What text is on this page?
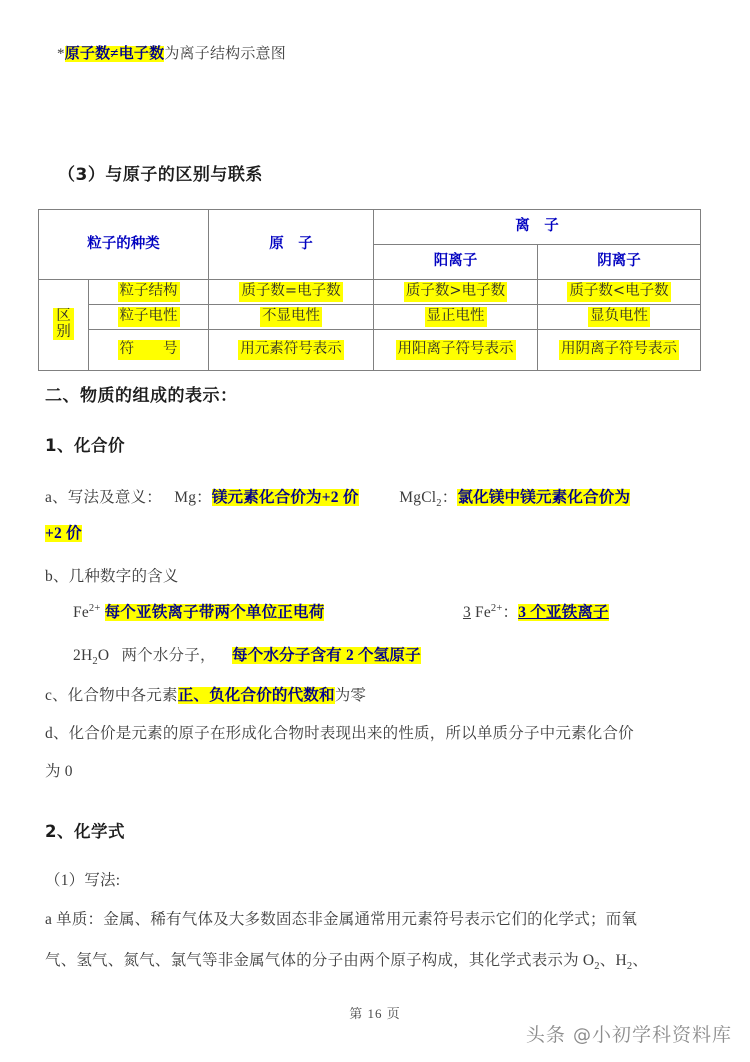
*原子数≠电子数为离子结构示意图
（3）与原子的区别与联系
粒子的种类		原　子	离　子	
			阳离子	阴离子
区
别	粒子结构	质子数=电子数	质子数>电子数	质子数<电子数
	粒子电性	不显电性	显正电性	显负电性
	符　　号	用元素符号表示	用阳离子符号表示	用阴离子符号表示
二、物质的组成的表示：
1、化合价
a、写法及意义： Mg：镁元素化合价为+2 价	MgCl$_2$：氯化镁中镁元素化合价为
+2 价
b、几种数字的含义
$Fe^{2+}$ 每个亚铁离子带两个单位正电荷	3 $Fe^{2+}$：3 个亚铁离子
$2H_2O$ 两个水分子， 每个水分子含有 2 个氢原子
c、化合物中各元素正、负化合价的代数和为零
d、化合价是元素的原子在形成化合物时表现出来的性质，所以单质分子中元素化合价
为 0
2、化学式
（1）写法:
a 单质：金属、稀有气体及大多数固态非金属通常用元素符号表示它们的化学式；而氧
气、氢气、氮气、氯气等非金属气体的分子由两个原子构成，其化学式表示为 $O_2$、$H_2$、
第 16 页
头条 @小初学科资料库
